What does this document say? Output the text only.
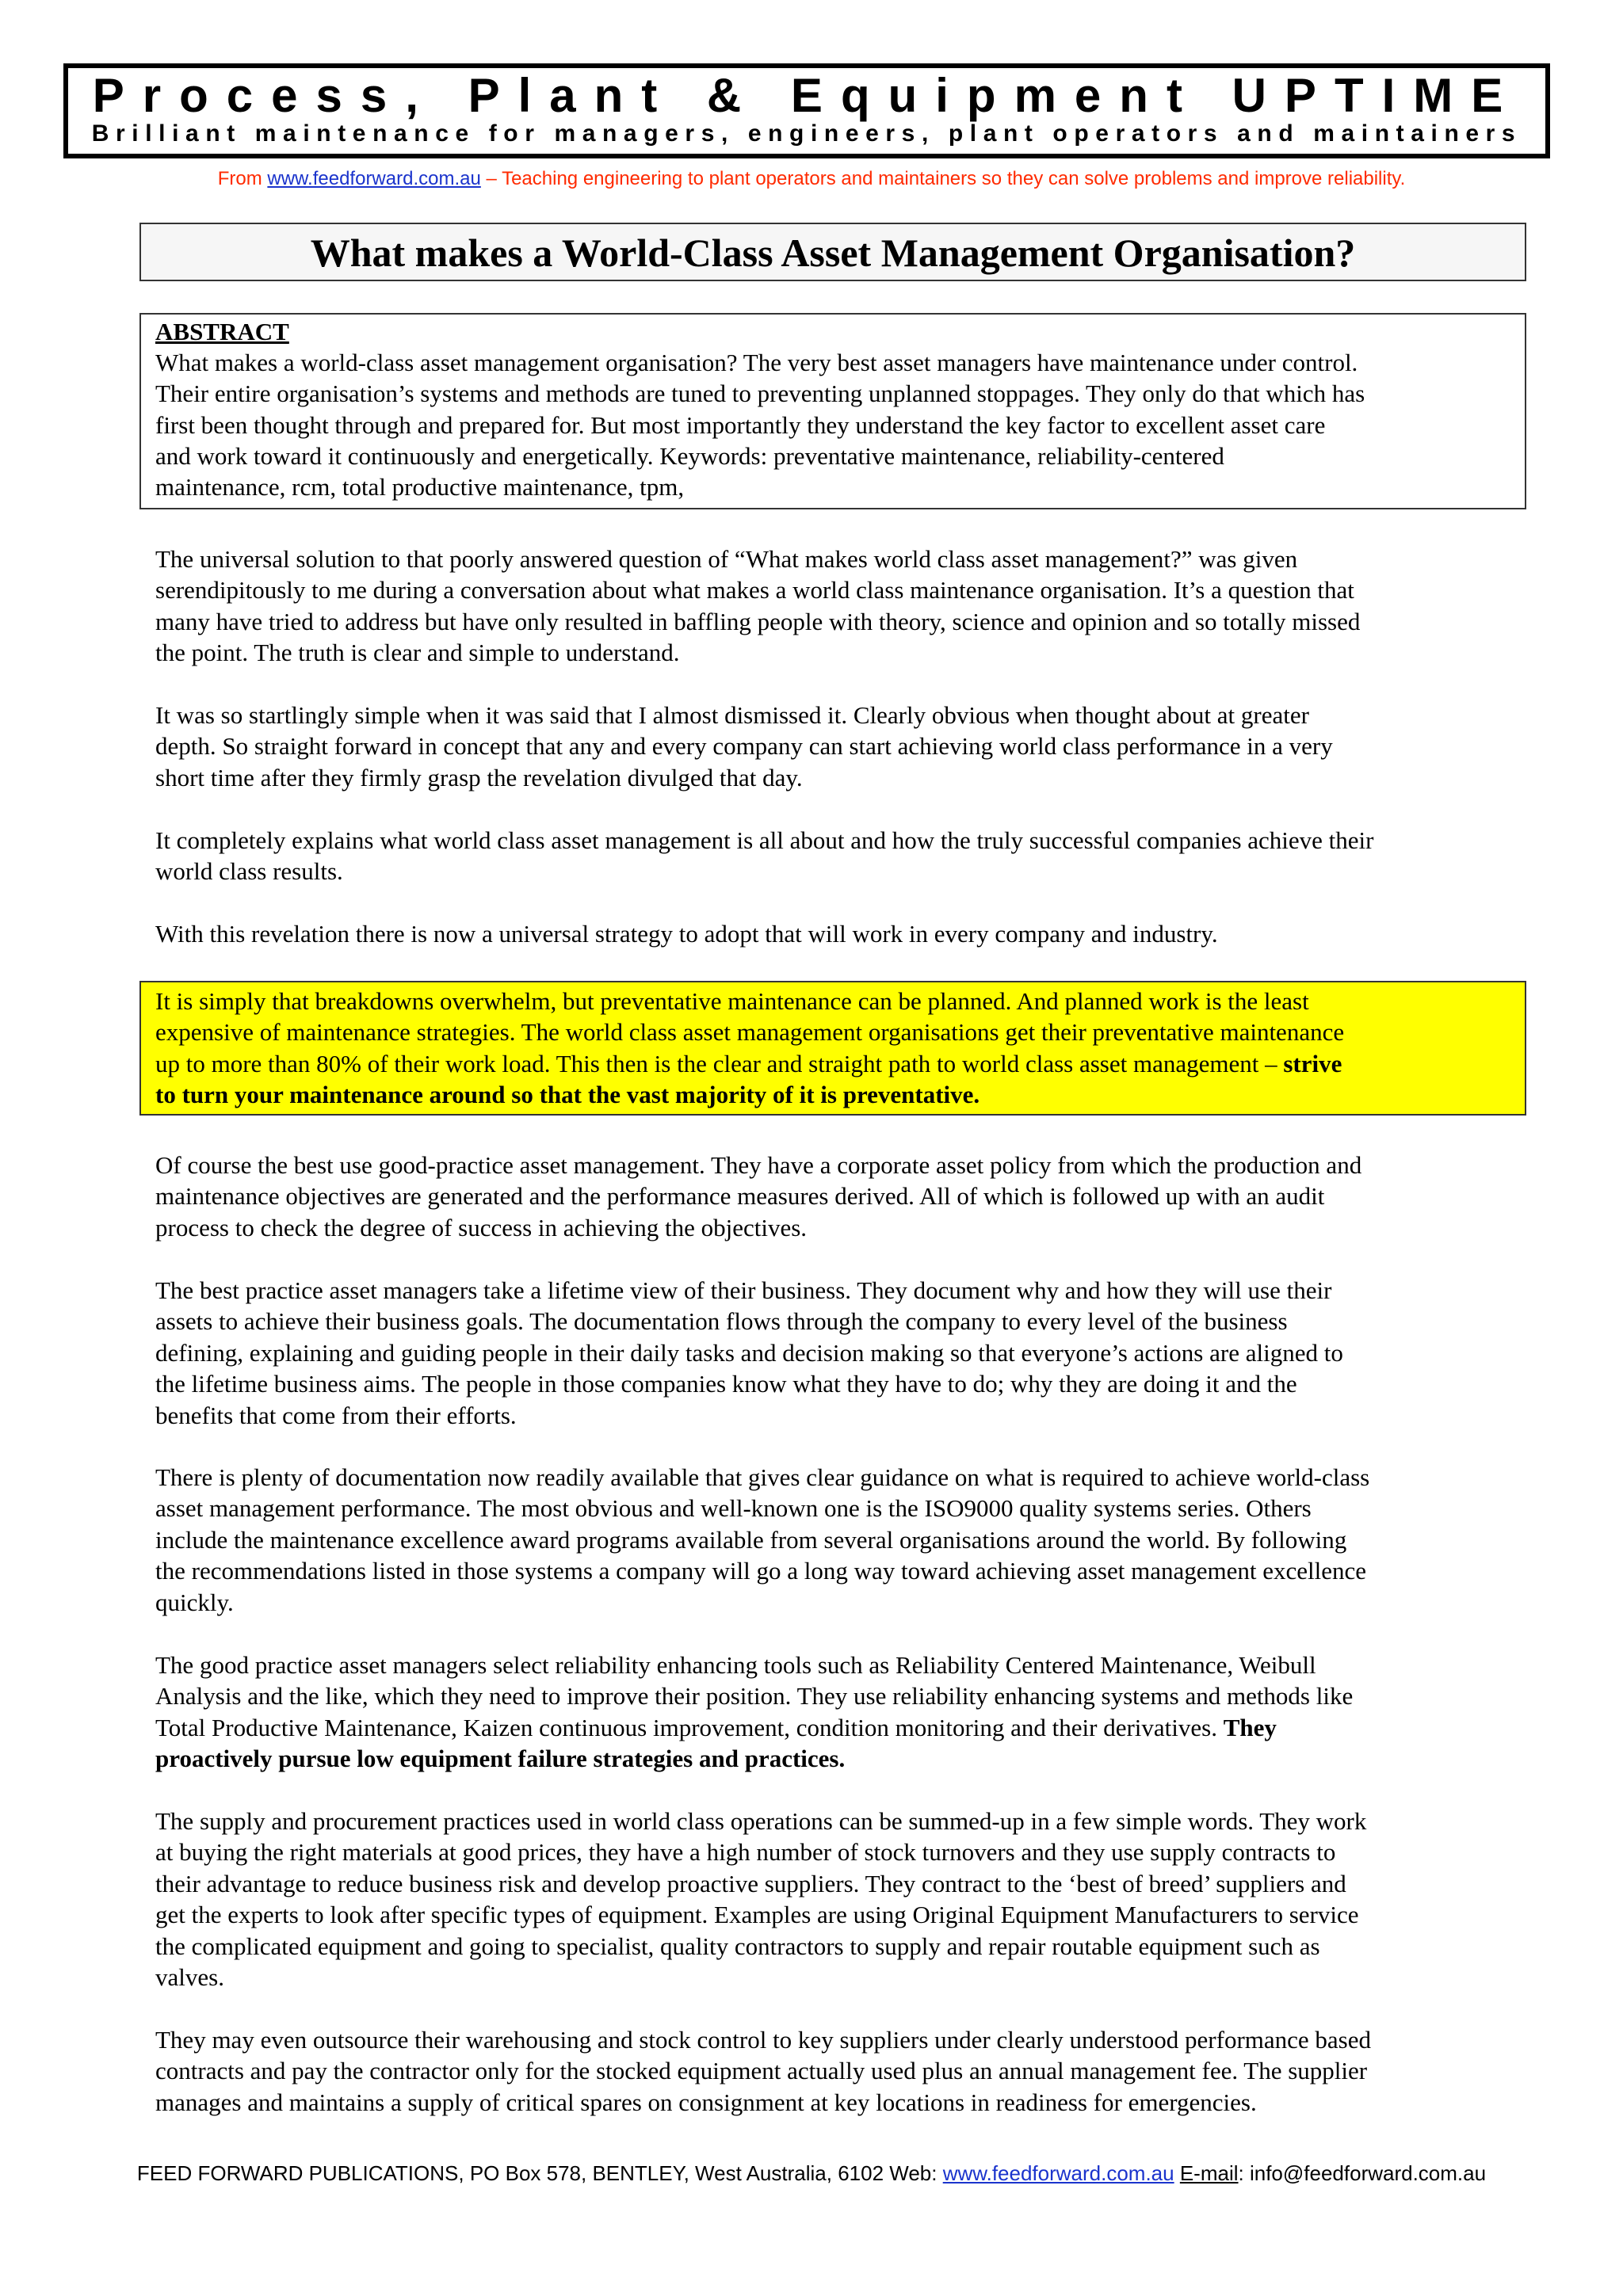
Process, Plant & Equipment UPTIME
Brilliant maintenance for managers, engineers, plant operators and maintainers
From www.feedforward.com.au – Teaching engineering to plant operators and maintainers so they can solve problems and improve reliability.
What makes a World-Class Asset Management Organisation?
ABSTRACT
What makes a world-class asset management organisation? The very best asset managers have maintenance under control.
Their entire organisation’s systems and methods are tuned to preventing unplanned stoppages. They only do that which has
first been thought through and prepared for. But most importantly they understand the key factor to excellent asset care
and work toward it continuously and energetically. Keywords: preventative maintenance, reliability-centered
maintenance, rcm, total productive maintenance, tpm,
The universal solution to that poorly answered question of “What makes world class asset management?” was given
serendipitously to me during a conversation about what makes a world class maintenance organisation. It’s a question that
many have tried to address but have only resulted in baffling people with theory, science and opinion and so totally missed
the point. The truth is clear and simple to understand.
It was so startlingly simple when it was said that I almost dismissed it. Clearly obvious when thought about at greater
depth. So straight forward in concept that any and every company can start achieving world class performance in a very
short time after they firmly grasp the revelation divulged that day.
It completely explains what world class asset management is all about and how the truly successful companies achieve their
world class results.
With this revelation there is now a universal strategy to adopt that will work in every company and industry.
It is simply that breakdowns overwhelm, but preventative maintenance can be planned. And planned work is the least
expensive of maintenance strategies. The world class asset management organisations get their preventative maintenance
up to more than 80% of their work load. This then is the clear and straight path to world class asset management – strive
to turn your maintenance around so that the vast majority of it is preventative.
Of course the best use good-practice asset management. They have a corporate asset policy from which the production and
maintenance objectives are generated and the performance measures derived. All of which is followed up with an audit
process to check the degree of success in achieving the objectives.
The best practice asset managers take a lifetime view of their business. They document why and how they will use their
assets to achieve their business goals. The documentation flows through the company to every level of the business
defining, explaining and guiding people in their daily tasks and decision making so that everyone’s actions are aligned to
the lifetime business aims. The people in those companies know what they have to do; why they are doing it and the
benefits that come from their efforts.
There is plenty of documentation now readily available that gives clear guidance on what is required to achieve world-class
asset management performance. The most obvious and well-known one is the ISO9000 quality systems series. Others
include the maintenance excellence award programs available from several organisations around the world. By following
the recommendations listed in those systems a company will go a long way toward achieving asset management excellence
quickly.
The good practice asset managers select reliability enhancing tools such as Reliability Centered Maintenance, Weibull
Analysis and the like, which they need to improve their position. They use reliability enhancing systems and methods like
Total Productive Maintenance, Kaizen continuous improvement, condition monitoring and their derivatives. They
proactively pursue low equipment failure strategies and practices.
The supply and procurement practices used in world class operations can be summed-up in a few simple words. They work
at buying the right materials at good prices, they have a high number of stock turnovers and they use supply contracts to
their advantage to reduce business risk and develop proactive suppliers. They contract to the ‘best of breed’ suppliers and
get the experts to look after specific types of equipment. Examples are using Original Equipment Manufacturers to service
the complicated equipment and going to specialist, quality contractors to supply and repair routable equipment such as
valves.
They may even outsource their warehousing and stock control to key suppliers under clearly understood performance based
contracts and pay the contractor only for the stocked equipment actually used plus an annual management fee. The supplier
manages and maintains a supply of critical spares on consignment at key locations in readiness for emergencies.
FEED FORWARD PUBLICATIONS, PO Box 578, BENTLEY, West Australia, 6102 Web: www.feedforward.com.au E-mail: info@feedforward.com.au
